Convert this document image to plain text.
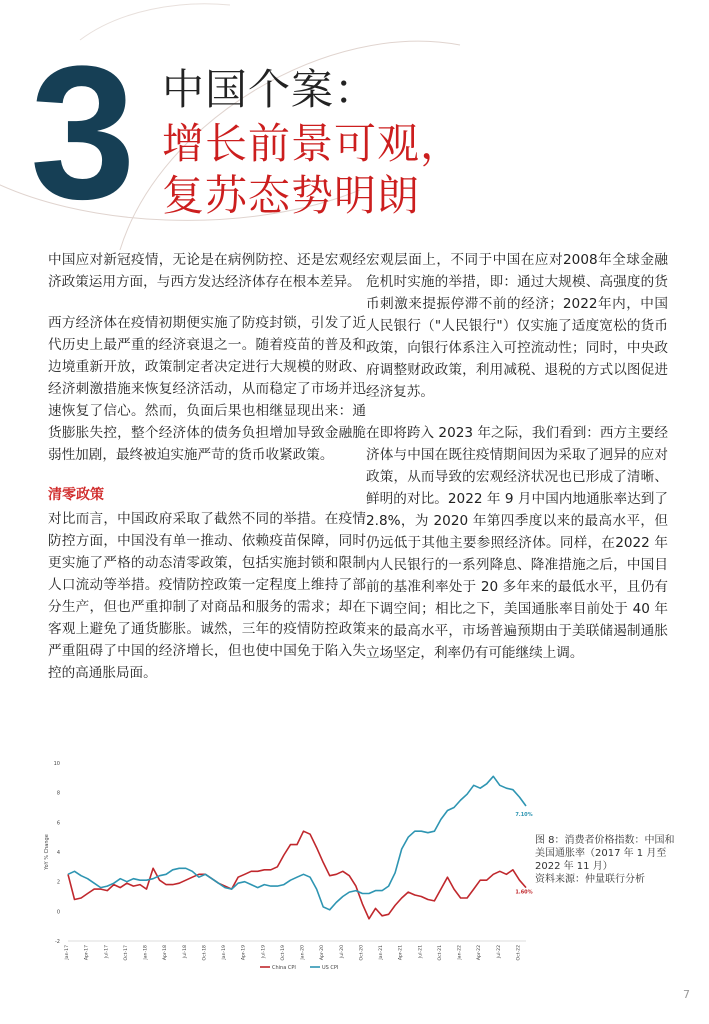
3 中国个案：
增长前景可观，
复苏态势明朗

中国应对新冠疫情，无论是在病例防控、还是宏观经济政策运用方面，与西方发达经济体存在根本差异。

西方经济体在疫情初期便实施了防疫封锁，引发了近代历史上最严重的经济衰退之一。随着疫苗的普及和边境重新开放，政策制定者决定进行大规模的财政、经济刺激措施来恢复经济活动，从而稳定了市场并迅速恢复了信心。然而，负面后果也相继显现出来：通货膨胀失控，整个经济体的债务负担增加导致金融脆弱性加剧，最终被迫实施严苛的货币收紧政策。

清零政策

对比而言，中国政府采取了截然不同的举措。在疫情防控方面，中国没有单一推动、依赖疫苗保障，同时更实施了严格的动态清零政策，包括实施封锁和限制人口流动等举措。疫情防控政策一定程度上维持了部分生产，但也严重抑制了对商品和服务的需求；却在客观上避免了通货膨胀。诚然，三年的疫情防控政策严重阻碍了中国的经济增长，但也使中国免于陷入失控的高通胀局面。

宏观层面上，不同于中国在应对2008年全球金融危机时实施的举措，即：通过大规模、高强度的货币刺激来提振停滞不前的经济；2022年内，中国人民银行（"人民银行"）仅实施了适度宽松的货币政策，向银行体系注入可控流动性；同时，中央政府调整财政政策，利用减税、退税的方式以图促进经济复苏。

在即将跨入 2023 年之际，我们看到：西方主要经济体与中国在既往疫情期间因为采取了迥异的应对政策，从而导致的宏观经济状况也已形成了清晰、鲜明的对比。2022 年 9 月中国内地通胀率达到了2.8%，为 2020 年第四季度以来的最高水平，但仍远低于其他主要参照经济体。同样，在2022 年内人民银行的一系列降息、降准措施之后，中国目前的基准利率处于 20 多年来的最低水平，且仍有下调空间；相比之下，美国通胀率目前处于 40 年来的最高水平，市场普遍预期由于美联储遏制通胀立场坚定，利率仍有可能继续上调。

-2
0
2
4
6
8
10
YoY % Change
Jan-17	Apr-17	Jul-17	Oct-17	Jan-18	Apr-18	Jul-18	Oct-18	Jan-19	Apr-19	Jul-19	Oct-19	Jan-20	Apr-20	Jul-20	Oct-20	Jan-21	Apr-21	Jul-21	Oct-21	Jan-22	Apr-22	Jul-22	Oct-22
1.60%
7.10%
China CPI	US CPI
图 8：消费者价格指数：中国和美国通胀率（2017 年 1 月至 2022 年 11 月）
资料来源：仲量联行分析
7
